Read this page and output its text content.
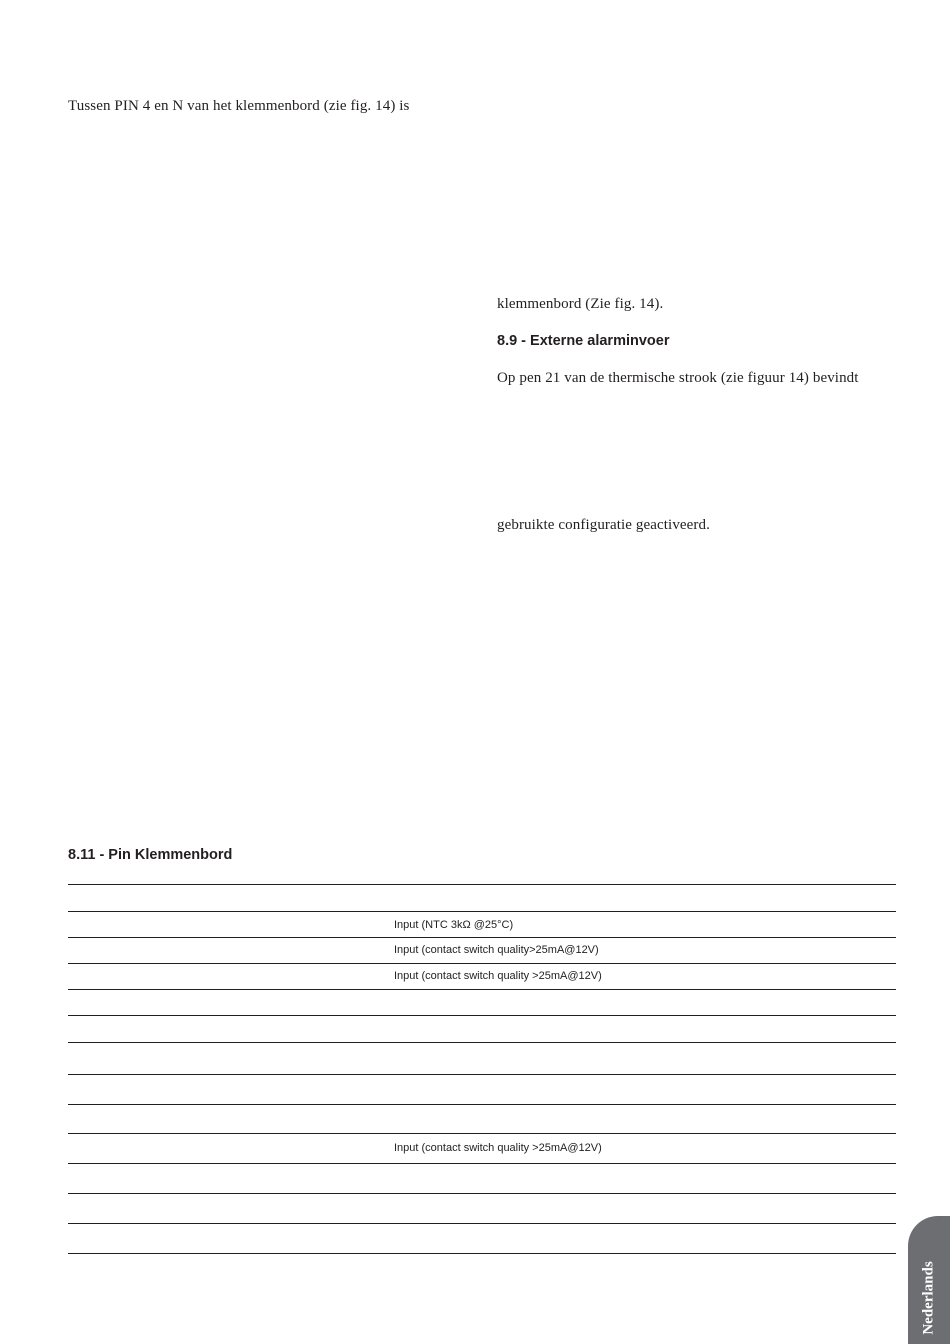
Tussen PIN 4 en N van het klemmenbord (zie fig. 14) is

klemmenbord (Zie fig. 14).

8.9 - Externe alarminvoer

Op pen 21 van de thermische strook (zie figuur 14) bevindt

gebruikte configuratie geactiveerd.

8.11 - Pin Klemmenbord
Input (NTC 3kΩ @25°C)
Input (contact switch quality>25mA@12V)
Input (contact switch quality >25mA@12V)
Input (contact switch quality >25mA@12V)
Nederlands
